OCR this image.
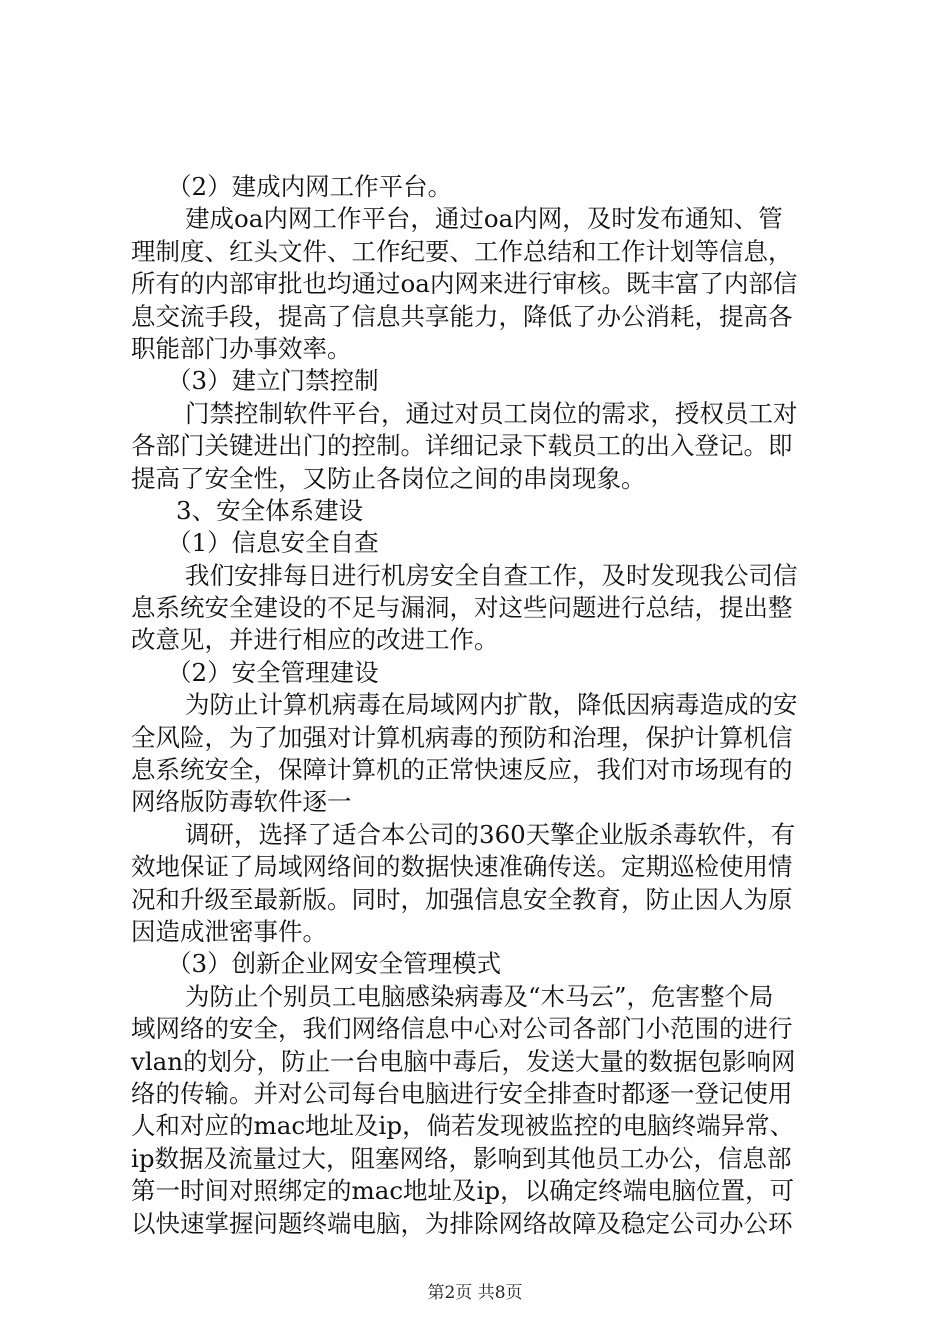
（2）建成内网工作平台。
建成oa内网工作平台，通过oa内网，及时发布通知、管
理制度、红头文件、工作纪要、工作总结和工作计划等信息，
所有的内部审批也均通过oa内网来进行审核。既丰富了内部信
息交流手段，提高了信息共享能力，降低了办公消耗，提高各
职能部门办事效率。
（3）建立门禁控制
门禁控制软件平台，通过对员工岗位的需求，授权员工对
各部门关键进出门的控制。详细记录下载员工的出入登记。即
提高了安全性，又防止各岗位之间的串岗现象。
3、安全体系建设
（1）信息安全自查
我们安排每日进行机房安全自查工作，及时发现我公司信
息系统安全建设的不足与漏洞，对这些问题进行总结，提出整
改意见，并进行相应的改进工作。
（2）安全管理建设
为防止计算机病毒在局域网内扩散，降低因病毒造成的安
全风险，为了加强对计算机病毒的预防和治理，保护计算机信
息系统安全，保障计算机的正常快速反应，我们对市场现有的
网络版防毒软件逐一
调研，选择了适合本公司的360天擎企业版杀毒软件，有
效地保证了局域网络间的数据快速准确传送。定期巡检使用情
况和升级至最新版。同时，加强信息安全教育，防止因人为原
因造成泄密事件。
（3）创新企业网安全管理模式
为防止个别员工电脑感染病毒及“木马云”，危害整个局
域网络的安全，我们网络信息中心对公司各部门小范围的进行
vlan的划分，防止一台电脑中毒后，发送大量的数据包影响网
络的传输。并对公司每台电脑进行安全排查时都逐一登记使用
人和对应的mac地址及ip，倘若发现被监控的电脑终端异常、
ip数据及流量过大，阻塞网络，影响到其他员工办公，信息部
第一时间对照绑定的mac地址及ip，以确定终端电脑位置，可
以快速掌握问题终端电脑，为排除网络故障及稳定公司办公环
第2页 共8页
